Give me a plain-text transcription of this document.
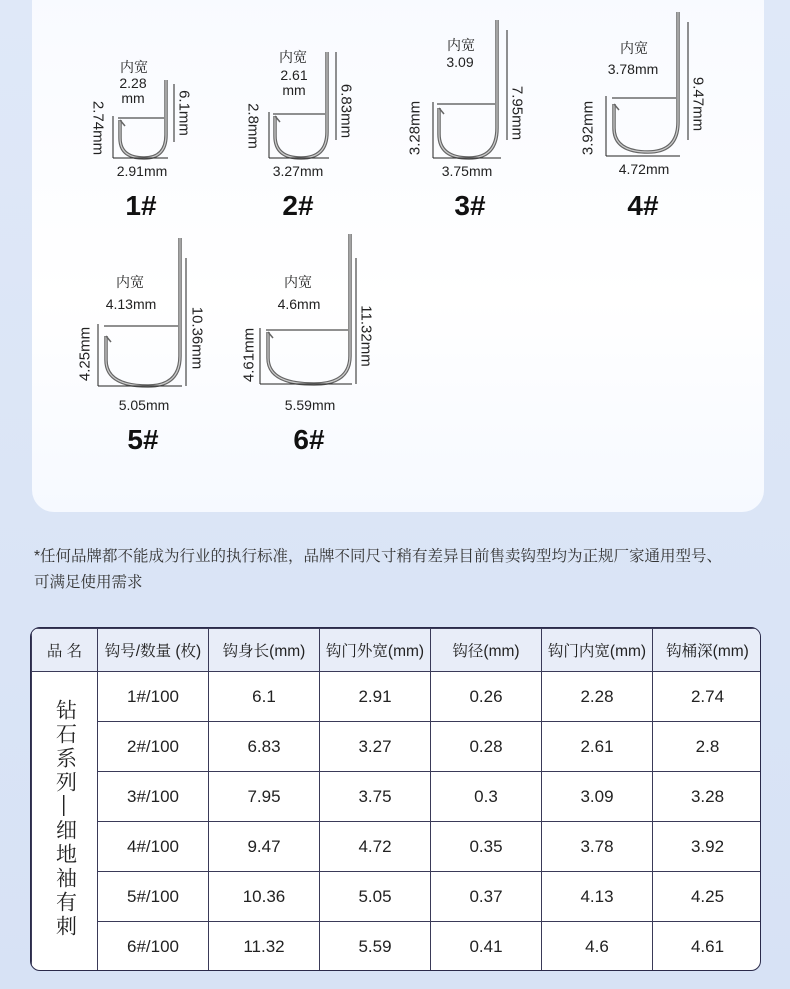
内宽
2.28
mm	6.1mm
2.74mm
2.91mm
1#
内宽
2.61
mm	6.83mm
2.8mm
3.27mm
2#
内宽
3.09
7.95mm
3.28mm
3.75mm
3#
内宽
3.78mm
9.47mm
3.92mm
4.72mm
4#
内宽
4.13mm
10.36mm
4.25mm
5.05mm
5#
内宽
4.6mm
11.32mm
4.61mm
5.59mm
6#
*任何品牌都不能成为行业的执行标准，品牌不同尺寸稍有差异目前售卖钩型均为正规厂家通用型号、可满足使用需求
品 名	钩号/数量 (枚)	钩身长(mm)	钩门外宽(mm)	钩径(mm)	钩门内宽(mm)	钩桶深(mm)
钻石系列—细地袖有刺	1#/100	6.1	2.91	0.26	2.28	2.74
	2#/100	6.83	3.27	0.28	2.61	2.8
	3#/100	7.95	3.75	0.3	3.09	3.28
	4#/100	9.47	4.72	0.35	3.78	3.92
	5#/100	10.36	5.05	0.37	4.13	4.25
	6#/100	11.32	5.59	0.41	4.6	4.61
